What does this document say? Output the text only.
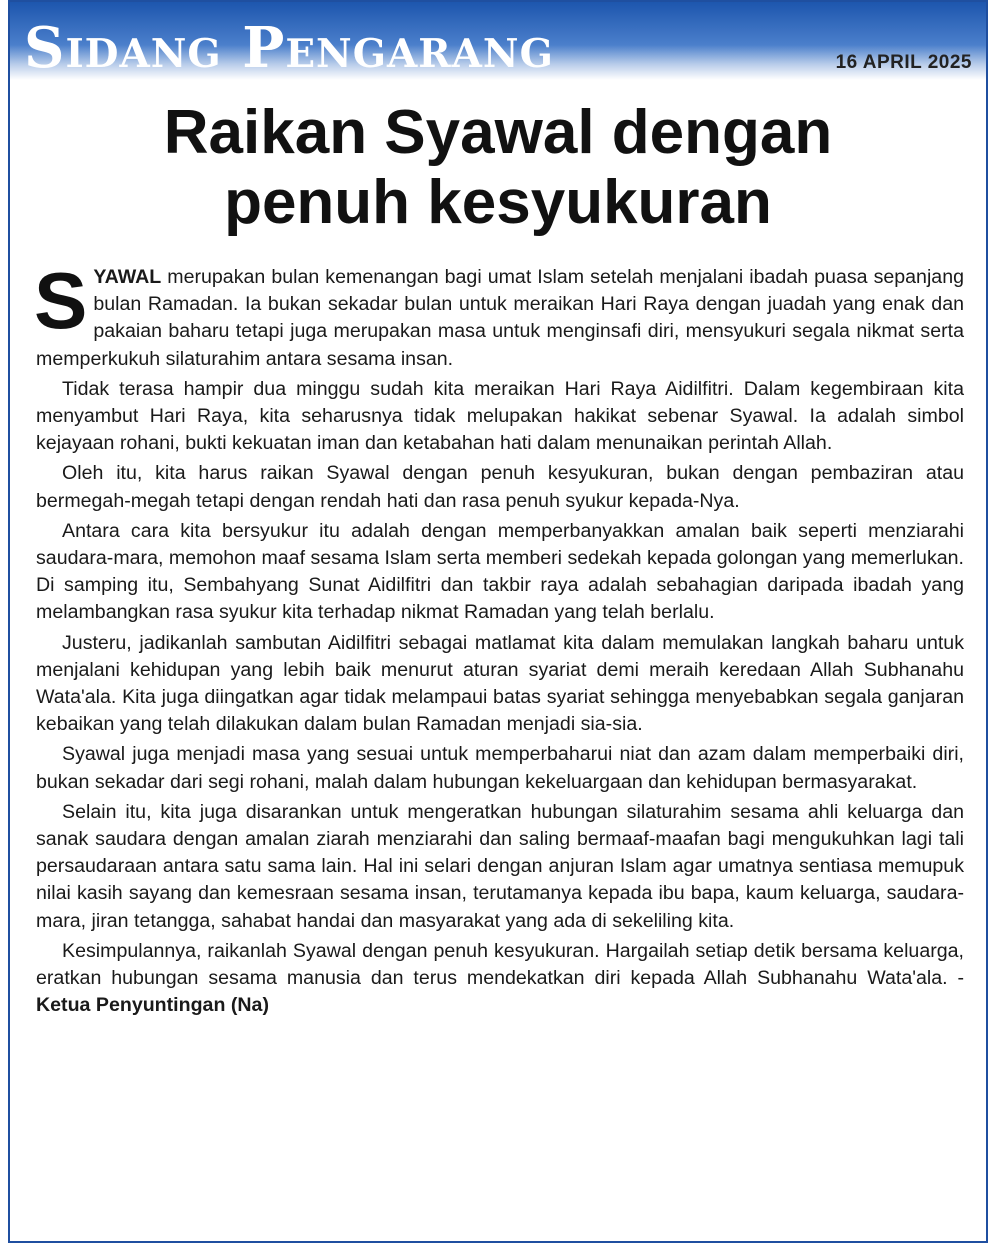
Sidang Pengarang	16 APRIL 2025
Raikan Syawal dengan
penuh kesyukuran

SYAWAL merupakan bulan kemenangan bagi umat Islam setelah menjalani ibadah puasa sepanjang bulan Ramadan. Ia bukan sekadar bulan untuk meraikan Hari Raya dengan juadah yang enak dan pakaian baharu tetapi juga merupakan masa untuk menginsafi diri, mensyukuri segala nikmat serta memperkukuh silaturahim antara sesama insan.

Tidak terasa hampir dua minggu sudah kita meraikan Hari Raya Aidilfitri. Dalam kegembiraan kita menyambut Hari Raya, kita seharusnya tidak melupakan hakikat sebenar Syawal. Ia adalah simbol kejayaan rohani, bukti kekuatan iman dan ketabahan hati dalam menunaikan perintah Allah.

Oleh itu, kita harus raikan Syawal dengan penuh kesyukuran, bukan dengan pembaziran atau bermegah-megah tetapi dengan rendah hati dan rasa penuh syukur kepada-Nya.

Antara cara kita bersyukur itu adalah dengan memperbanyakkan amalan baik seperti menziarahi saudara-mara, memohon maaf sesama Islam serta memberi sedekah kepada golongan yang memerlukan. Di samping itu, Sembahyang Sunat Aidilfitri dan takbir raya adalah sebahagian daripada ibadah yang melambangkan rasa syukur kita terhadap nikmat Ramadan yang telah berlalu.

Justeru, jadikanlah sambutan Aidilfitri sebagai matlamat kita dalam memulakan langkah baharu untuk menjalani kehidupan yang lebih baik menurut aturan syariat demi meraih keredaan Allah Subhanahu Wata'ala. Kita juga diingatkan agar tidak melampaui batas syariat sehingga menyebabkan segala ganjaran kebaikan yang telah dilakukan dalam bulan Ramadan menjadi sia-sia.

Syawal juga menjadi masa yang sesuai untuk memperbaharui niat dan azam dalam memperbaiki diri, bukan sekadar dari segi rohani, malah dalam hubungan kekeluargaan dan kehidupan bermasyarakat.

Selain itu, kita juga disarankan untuk mengeratkan hubungan silaturahim sesama ahli keluarga dan sanak saudara dengan amalan ziarah menziarahi dan saling bermaaf-maafan bagi mengukuhkan lagi tali persaudaraan antara satu sama lain. Hal ini selari dengan anjuran Islam agar umatnya sentiasa memupuk nilai kasih sayang dan kemesraan sesama insan, terutamanya kepada ibu bapa, kaum keluarga, saudara-mara, jiran tetangga, sahabat handai dan masyarakat yang ada di sekeliling kita.

Kesimpulannya, raikanlah Syawal dengan penuh kesyukuran. Hargailah setiap detik bersama keluarga, eratkan hubungan sesama manusia dan terus mendekatkan diri kepada Allah Subhanahu Wata'ala. - Ketua Penyuntingan (Na)
